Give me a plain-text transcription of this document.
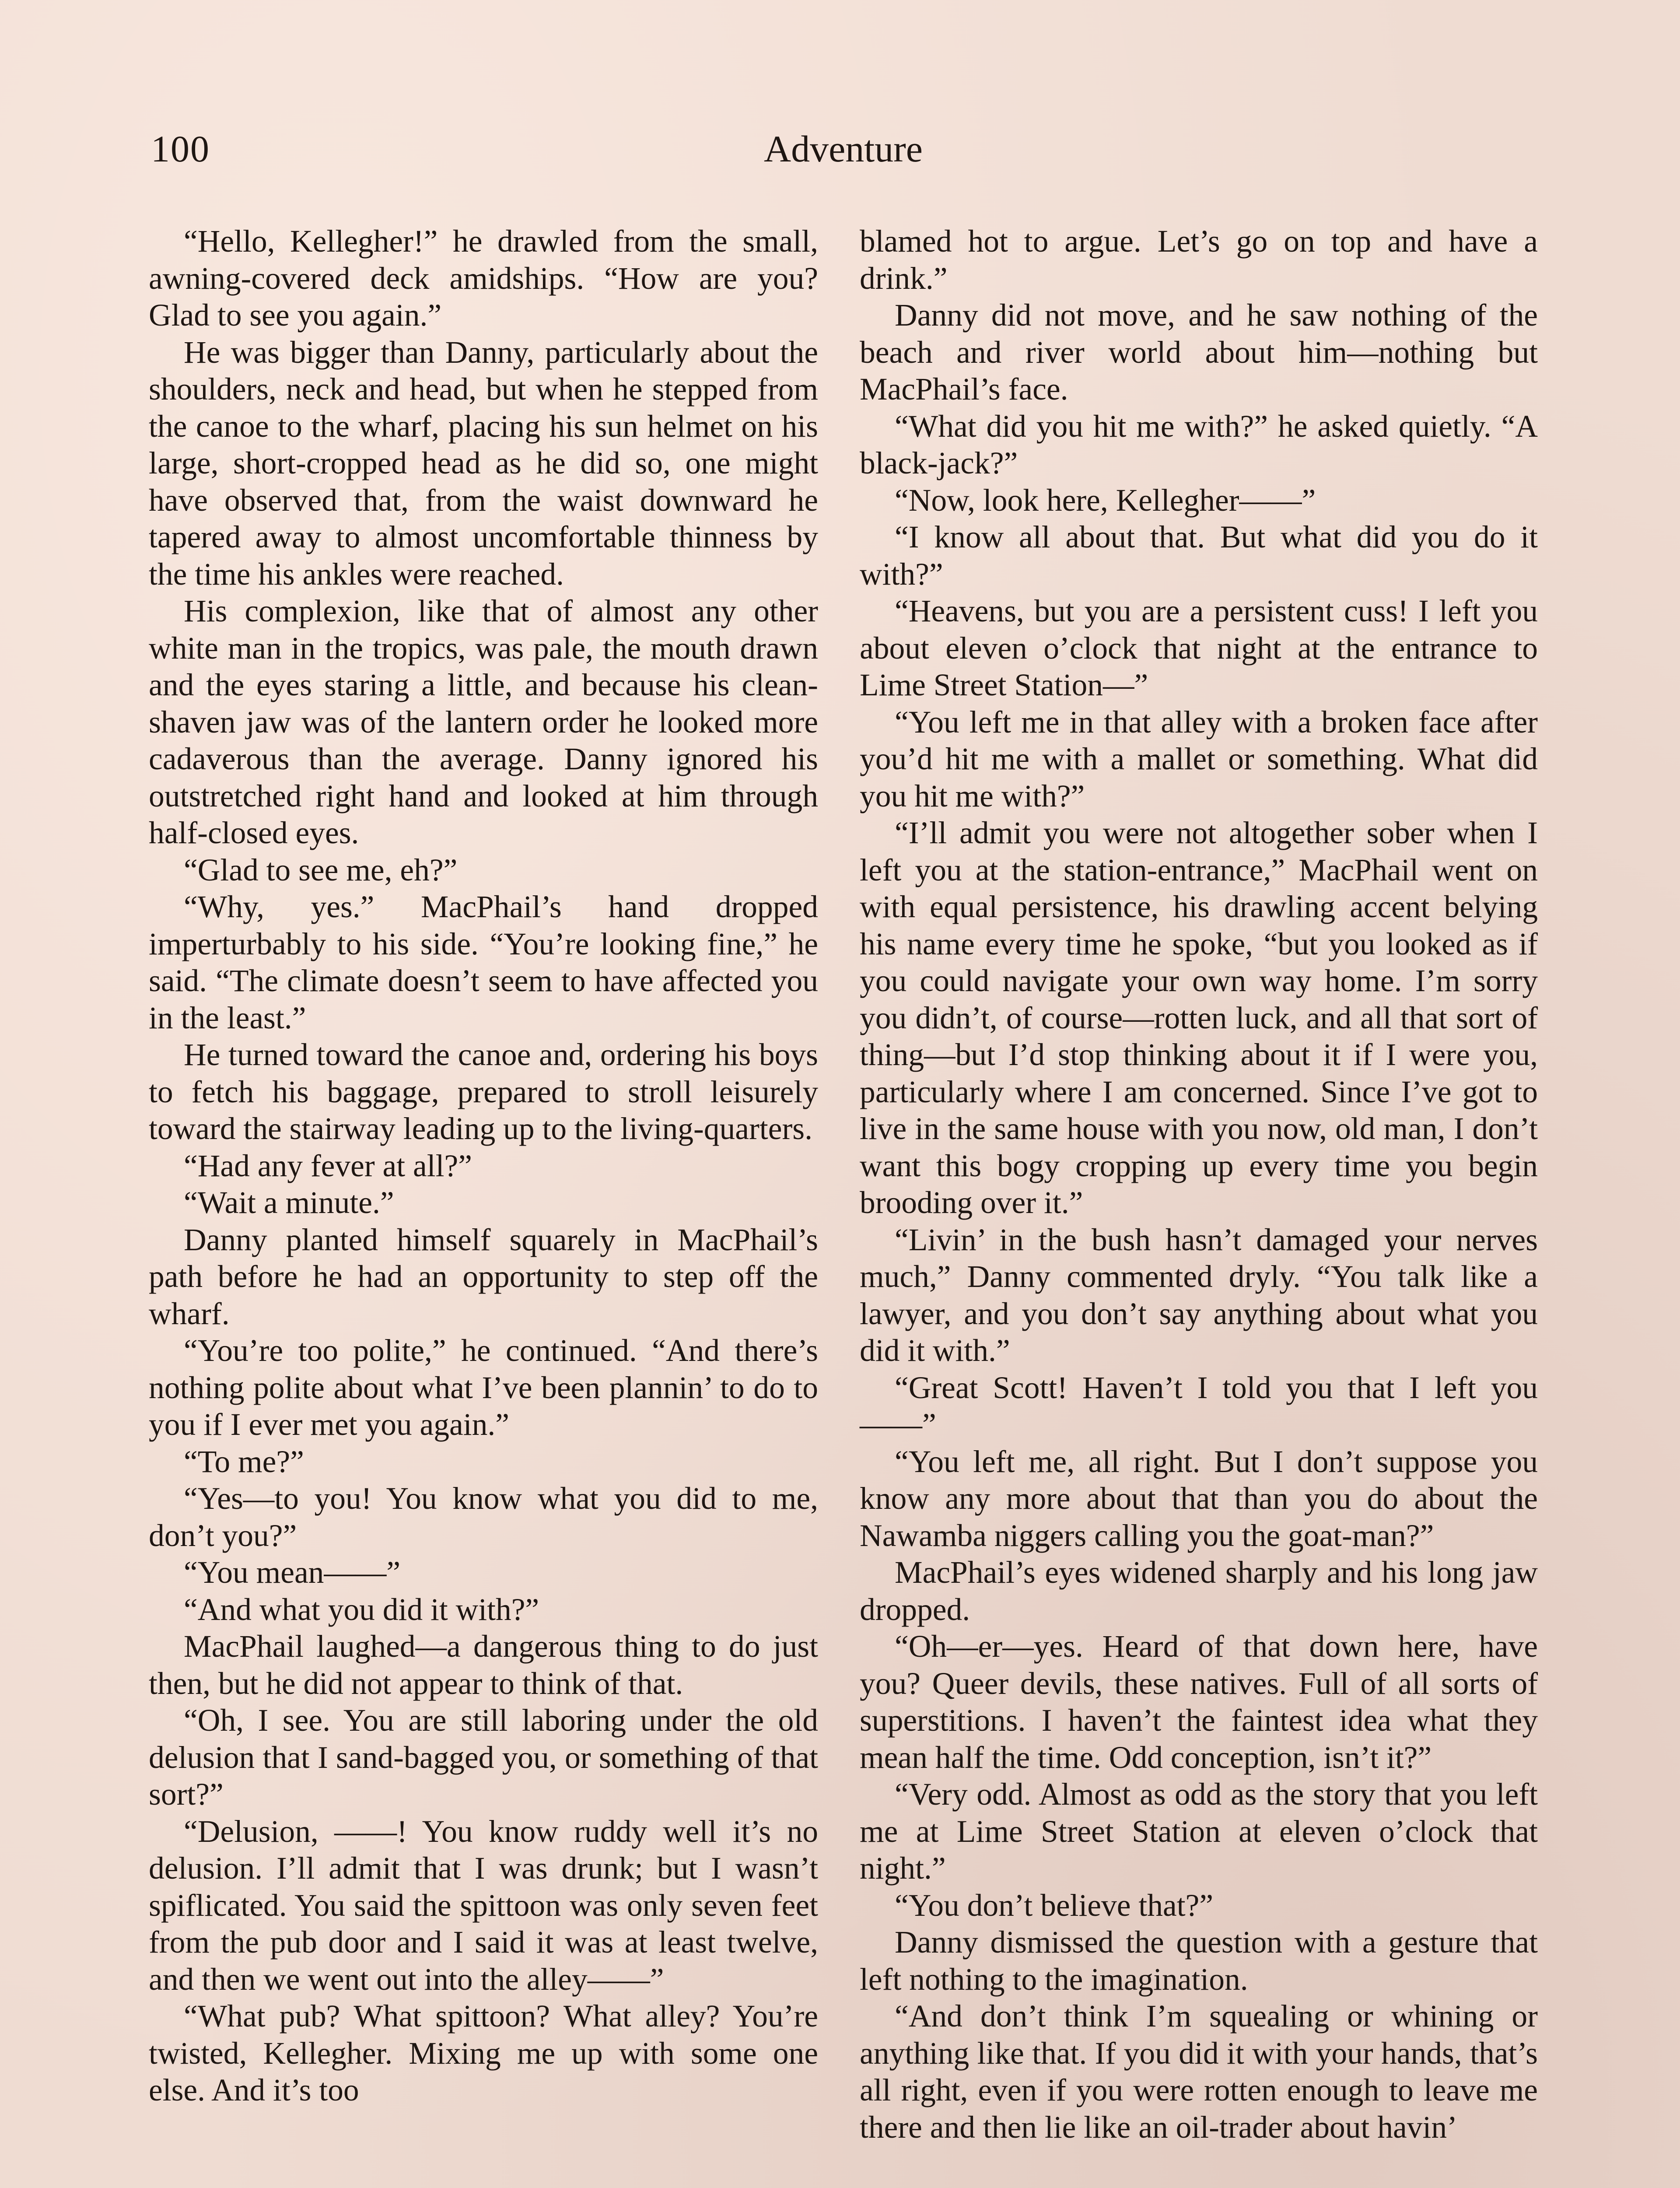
100	Adventure

“Hello, Kellegher!” he drawled from the small, awning-covered deck amidships. “How are you? Glad to see you again.”

He was bigger than Danny, particularly about the shoulders, neck and head, but when he stepped from the canoe to the wharf, placing his sun helmet on his large, short-cropped head as he did so, one might have observed that, from the waist downward he tapered away to almost uncomfortable thinness by the time his ankles were reached.

His complexion, like that of almost any other white man in the tropics, was pale, the mouth drawn and the eyes staring a little, and because his clean-shaven jaw was of the lantern order he looked more cadaverous than the average. Danny ignored his outstretched right hand and looked at him through half-closed eyes.

“Glad to see me, eh?”

“Why, yes.” MacPhail’s hand dropped imperturbably to his side. “You’re looking fine,” he said. “The climate doesn’t seem to have affected you in the least.”

He turned toward the canoe and, ordering his boys to fetch his baggage, prepared to stroll leisurely toward the stairway leading up to the living-quarters.

“Had any fever at all?”

“Wait a minute.”

Danny planted himself squarely in MacPhail’s path before he had an opportunity to step off the wharf.

“You’re too polite,” he continued. “And there’s nothing polite about what I’ve been plannin’ to do to you if I ever met you again.”

“To me?”

“Yes—to you! You know what you did to me, don’t you?”

“You mean——”

“And what you did it with?”

MacPhail laughed—a dangerous thing to do just then, but he did not appear to think of that.

“Oh, I see. You are still laboring under the old delusion that I sand-bagged you, or something of that sort?”

“Delusion, ——! You know ruddy well it’s no delusion. I’ll admit that I was drunk; but I wasn’t spiflicated. You said the spittoon was only seven feet from the pub door and I said it was at least twelve, and then we went out into the alley——”

“What pub? What spittoon? What alley? You’re twisted, Kellegher. Mixing me up with some one else. And it’s too

blamed hot to argue. Let’s go on top and have a drink.”

Danny did not move, and he saw nothing of the beach and river world about him—nothing but MacPhail’s face.

“What did you hit me with?” he asked quietly. “A black-jack?”

“Now, look here, Kellegher——”

“I know all about that. But what did you do it with?”

“Heavens, but you are a persistent cuss! I left you about eleven o’clock that night at the entrance to Lime Street Station—”

“You left me in that alley with a broken face after you’d hit me with a mallet or something. What did you hit me with?”

“I’ll admit you were not altogether sober when I left you at the station-entrance,” MacPhail went on with equal persistence, his drawling accent belying his name every time he spoke, “but you looked as if you could navigate your own way home. I’m sorry you didn’t, of course—rotten luck, and all that sort of thing—but I’d stop thinking about it if I were you, particularly where I am concerned. Since I’ve got to live in the same house with you now, old man, I don’t want this bogy cropping up every time you begin brooding over it.”

“Livin’ in the bush hasn’t damaged your nerves much,” Danny commented dryly. “You talk like a lawyer, and you don’t say anything about what you did it with.”

“Great Scott! Haven’t I told you that I left you——”

“You left me, all right. But I don’t suppose you know any more about that than you do about the Nawamba niggers calling you the goat-man?”

MacPhail’s eyes widened sharply and his long jaw dropped.

“Oh—er—yes. Heard of that down here, have you? Queer devils, these natives. Full of all sorts of superstitions. I haven’t the faintest idea what they mean half the time. Odd conception, isn’t it?”

“Very odd. Almost as odd as the story that you left me at Lime Street Station at eleven o’clock that night.”

“You don’t believe that?”

Danny dismissed the question with a gesture that left nothing to the imagination.

“And don’t think I’m squealing or whining or anything like that. If you did it with your hands, that’s all right, even if you were rotten enough to leave me there and then lie like an oil-trader about havin’
